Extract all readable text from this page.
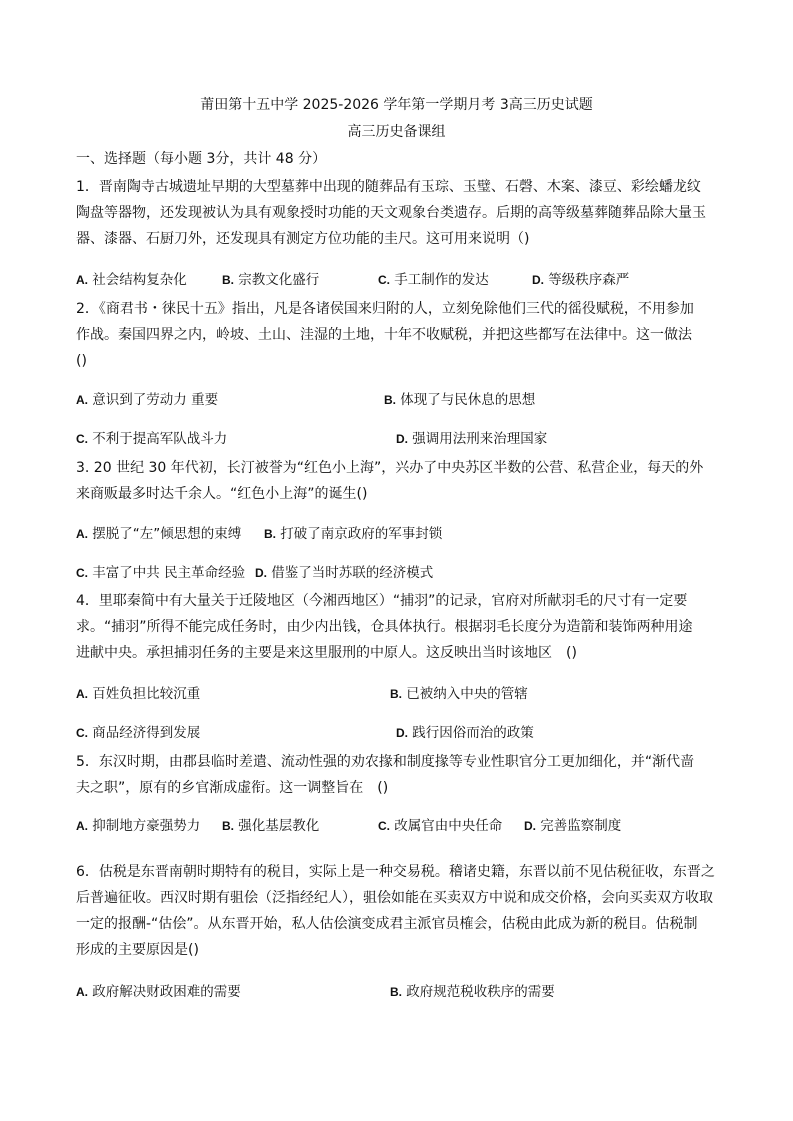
莆田第十五中学 2025-2026 学年第一学期月考 3高三历史试题
高三历史备课组
一、选择题（每小题 3分，共计 48 分）
1．晋南陶寺古城遗址早期的大型墓葬中出现的随葬品有玉琮、玉璧、石磬、木案、漆豆、彩绘蟠龙纹
陶盘等器物，还发现被认为具有观象授时功能的天文观象台类遗存。后期的高等级墓葬随葬品除大量玉
器、漆器、石厨刀外，还发现具有测定方位功能的圭尺。这可用来说明（)
A. 社会结构复杂化	B. 宗教文化盛行	C. 手工制作的发达	D. 等级秩序森严
2．《商君书・徕民十五》指出，凡是各诸侯国来归附的人，立刻免除他们三代的徭役赋税，不用参加
作战。秦国四界之内，岭坡、土山、洼湿的土地，十年不收赋税，并把这些都写在法律中。这一做法
()
A. 意识到了劳动力 重要	B. 体现了与民休息的思想
C. 不利于提高军队战斗力	D. 强调用法刑来治理国家
3. 20 世纪 30 年代初，长汀被誉为“红色小上海”，兴办了中央苏区半数的公营、私营企业，每天的外
来商贩最多时达千余人。“红色小上海”的诞生()
A. 摆脱了“左”倾思想的束缚 B. 打破了南京政府的军事封锁
C. 丰富了中共 民主革命经验 D. 借鉴了当时苏联的经济模式
4．里耶秦简中有大量关于迁陵地区（今湘西地区）“捕羽”的记录，官府对所献羽毛的尺寸有一定要
求。“捕羽”所得不能完成任务时，由少内出钱，仓具体执行。根据羽毛长度分为造箭和装饰两种用途
进献中央。承担捕羽任务的主要是来这里服刑的中原人。这反映出当时该地区　()
A. 百姓负担比较沉重	B. 已被纳入中央的管辖
C. 商品经济得到发展	D. 践行因俗而治的政策
5．东汉时期，由郡县临时差遣、流动性强的劝农掾和制度掾等专业性职官分工更加细化，并“渐代啬
夫之职”，原有的乡官渐成虚衔。这一调整旨在　()
A. 抑制地方豪强势力 B. 强化基层教化	C. 改属官由中央任命 D. 完善监察制度
6．估税是东晋南朝时期特有的税目，实际上是一种交易税。稽诸史籍，东晋以前不见估税征收，东晋之
后普遍征收。西汉时期有驵侩（泛指经纪人），驵侩如能在买卖双方中说和成交价格，会向买卖双方收取
一定的报酬-“估侩”。从东晋开始，私人估侩演变成君主派官员榷会，估税由此成为新的税目。估税制
形成的主要原因是()
A. 政府解决财政困难的需要	B. 政府规范税收秩序的需要
